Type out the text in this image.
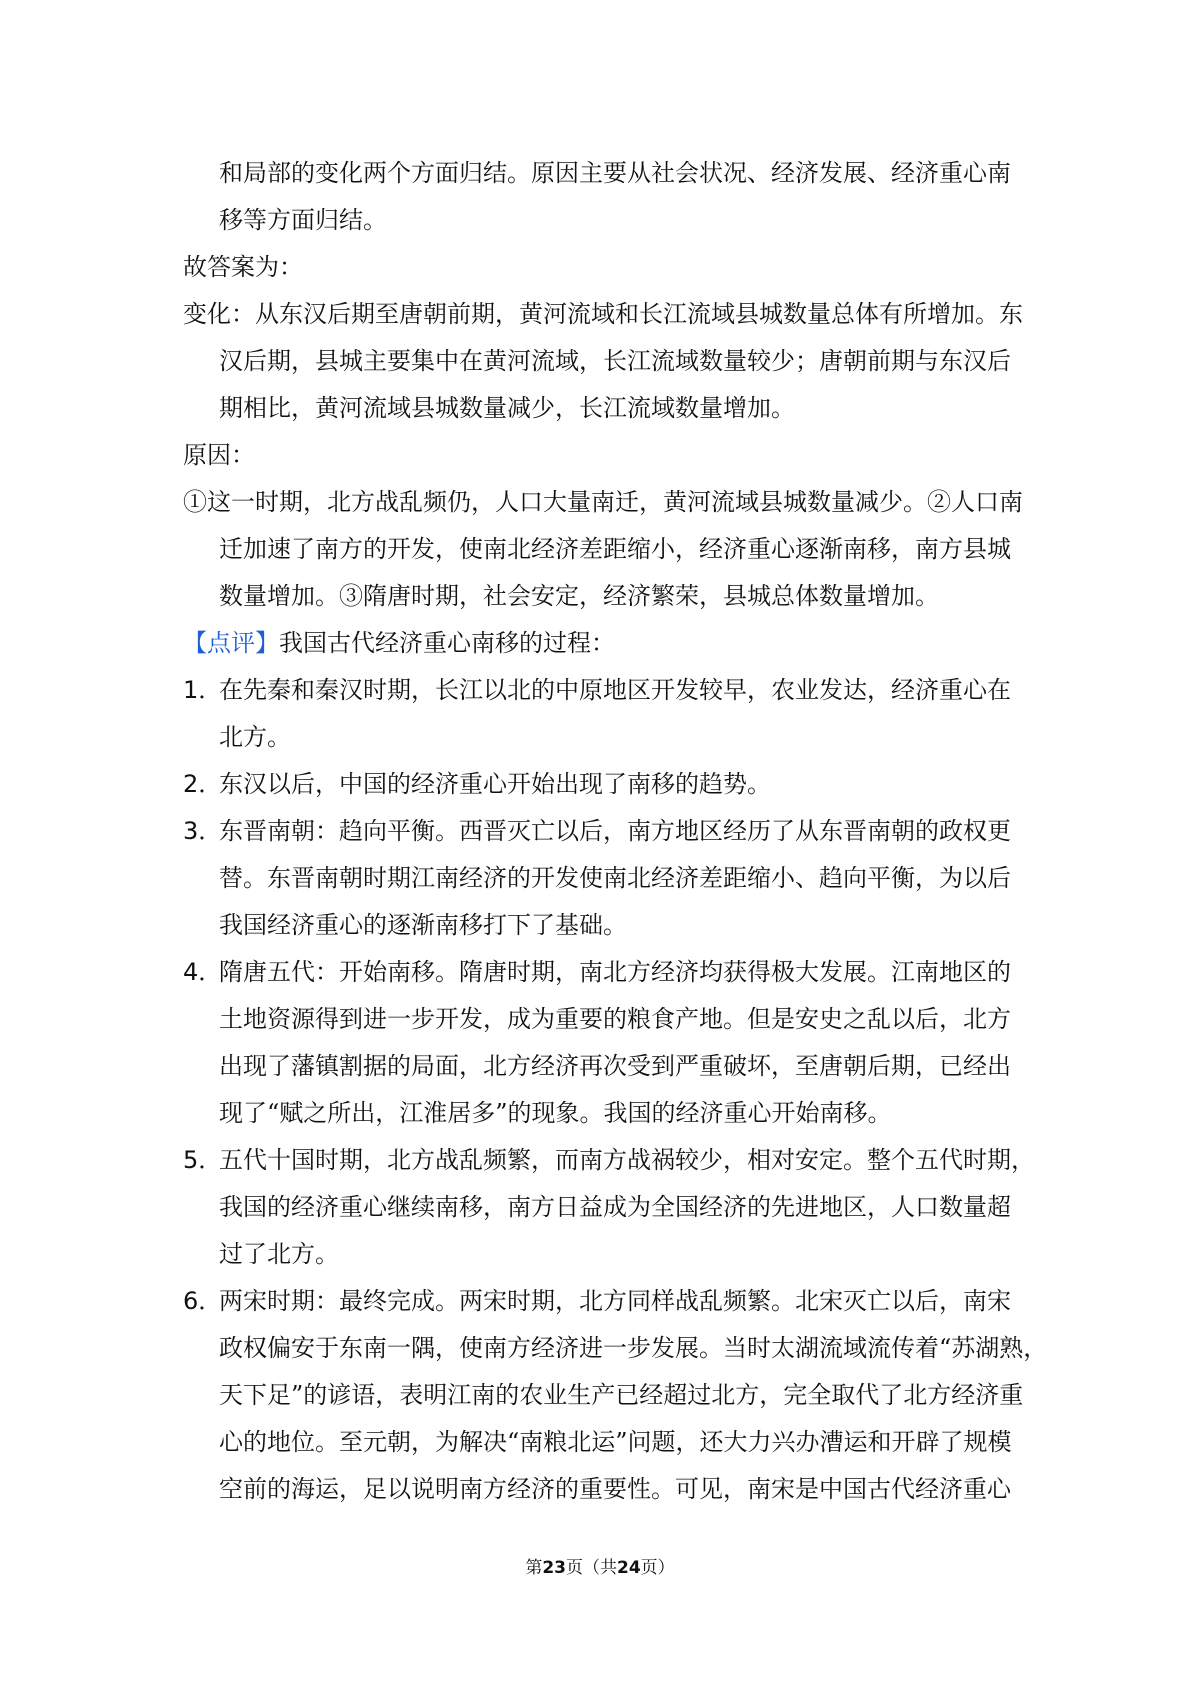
和局部的变化两个方面归结。原因主要从社会状况、经济发展、经济重心南
移等方面归结。
故答案为：
变化：从东汉后期至唐朝前期，黄河流域和长江流域县城数量总体有所增加。东
汉后期，县城主要集中在黄河流域，长江流域数量较少；唐朝前期与东汉后
期相比，黄河流域县城数量减少，长江流域数量增加。
原因：
①这一时期，北方战乱频仍，人口大量南迁，黄河流域县城数量减少。②人口南
迁加速了南方的开发，使南北经济差距缩小，经济重心逐渐南移，南方县城
数量增加。③隋唐时期，社会安定，经济繁荣，县城总体数量增加。
【点评】我国古代经济重心南移的过程：
1．在先秦和秦汉时期，长江以北的中原地区开发较早，农业发达，经济重心在
北方。
2．东汉以后，中国的经济重心开始出现了南移的趋势。
3．东晋南朝：趋向平衡。西晋灭亡以后，南方地区经历了从东晋南朝的政权更
替。东晋南朝时期江南经济的开发使南北经济差距缩小、趋向平衡，为以后
我国经济重心的逐渐南移打下了基础。
4．隋唐五代：开始南移。隋唐时期，南北方经济均获得极大发展。江南地区的
土地资源得到进一步开发，成为重要的粮食产地。但是安史之乱以后，北方
出现了藩镇割据的局面，北方经济再次受到严重破坏，至唐朝后期，已经出
现了“赋之所出，江淮居多”的现象。我国的经济重心开始南移。
5．五代十国时期，北方战乱频繁，而南方战祸较少，相对安定。整个五代时期，
我国的经济重心继续南移，南方日益成为全国经济的先进地区，人口数量超
过了北方。
6．两宋时期：最终完成。两宋时期，北方同样战乱频繁。北宋灭亡以后，南宋
政权偏安于东南一隅，使南方经济进一步发展。当时太湖流域流传着“苏湖熟，
天下足”的谚语，表明江南的农业生产已经超过北方，完全取代了北方经济重
心的地位。至元朝，为解决“南粮北运”问题，还大力兴办漕运和开辟了规模
空前的海运，足以说明南方经济的重要性。可见，南宋是中国古代经济重心
第23页（共24页）
